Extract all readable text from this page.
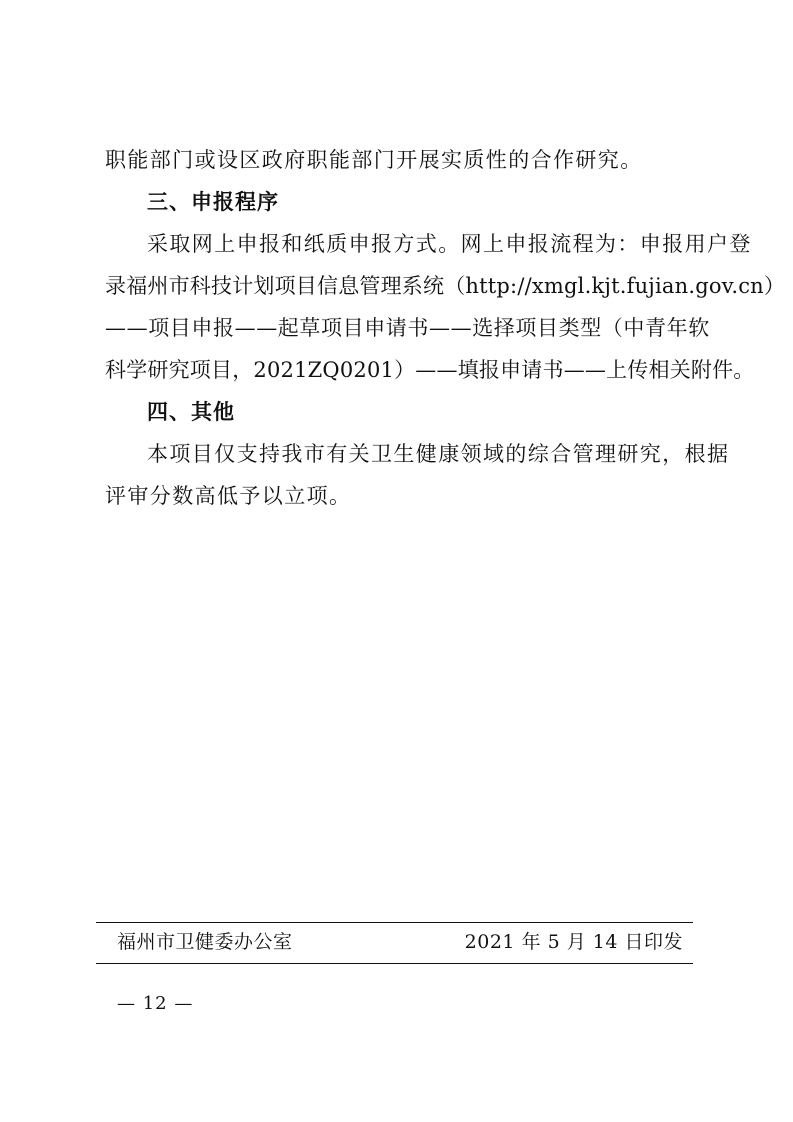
职能部门或设区政府职能部门开展实质性的合作研究。
三、申报程序
采取网上申报和纸质申报方式。网上申报流程为：申报用户登
录福州市科技计划项目信息管理系统（http://xmgl.kjt.fujian.gov.cn）
——项目申报——起草项目申请书——选择项目类型（中青年软
科学研究项目，2021ZQ0201）——填报申请书——上传相关附件。
四、其他
本项目仅支持我市有关卫生健康领域的综合管理研究，根据
评审分数高低予以立项。
福州市卫健委办公室	2021 年 5 月 14 日印发
— 12 —
